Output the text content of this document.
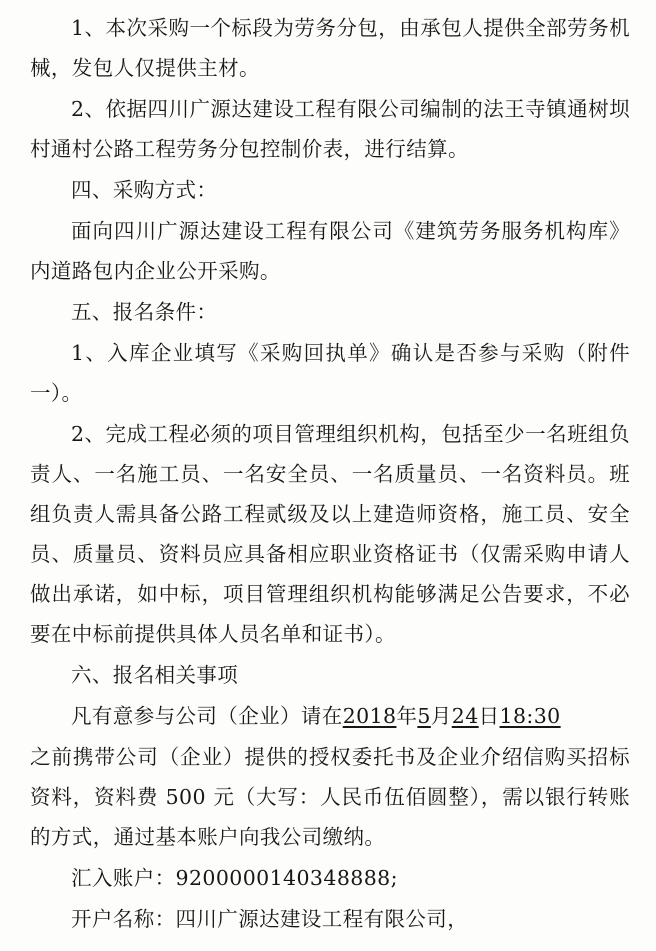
1、本次采购一个标段为劳务分包，由承包人提供全部劳务机械，发包人仅提供主材。

2、依据四川广源达建设工程有限公司编制的法王寺镇通树坝村通村公路工程劳务分包控制价表，进行结算。

四、采购方式：

面向四川广源达建设工程有限公司《建筑劳务服务机构库》内道路包内企业公开采购。

五、报名条件：

1、入库企业填写《采购回执单》确认是否参与采购（附件一）。

2、完成工程必须的项目管理组织机构，包括至少一名班组负责人、一名施工员、一名安全员、一名质量员、一名资料员。班组负责人需具备公路工程贰级及以上建造师资格，施工员、安全员、质量员、资料员应具备相应职业资格证书（仅需采购申请人做出承诺，如中标，项目管理组织机构能够满足公告要求，不必要在中标前提供具体人员名单和证书）。

六、报名相关事项

凡有意参与公司（企业）请在2018年5月24日18:30

之前携带公司（企业）提供的授权委托书及企业介绍信购买招标资料，资料费 500 元（大写：人民币伍佰圆整），需以银行转账的方式，通过基本账户向我公司缴纳。

汇入账户：9200000140348888;

开户名称：四川广源达建设工程有限公司，
